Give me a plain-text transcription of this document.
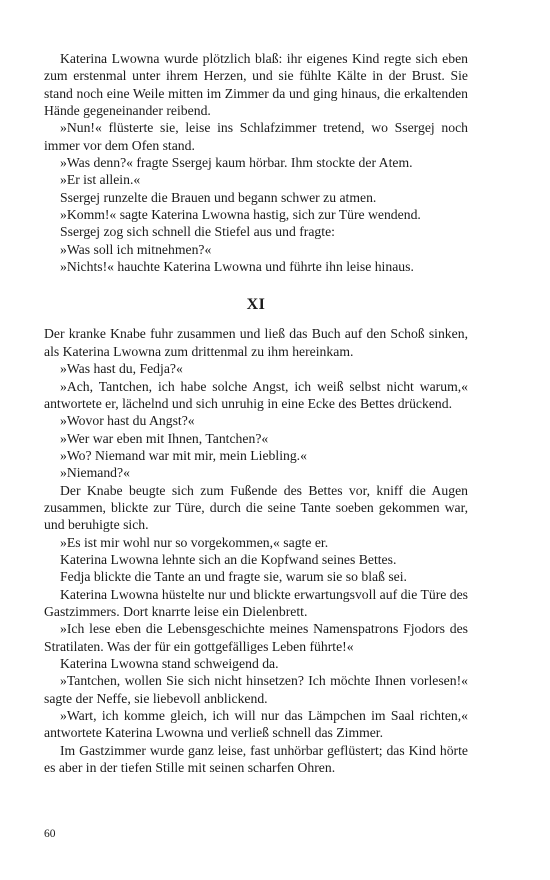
Katerina Lwowna wurde plötzlich blaß: ihr eigenes Kind regte sich eben zum erstenmal unter ihrem Herzen, und sie fühlte Kälte in der Brust. Sie stand noch eine Weile mitten im Zimmer da und ging hinaus, die erkaltenden Hände gegeneinander reibend.

»Nun!« flüsterte sie, leise ins Schlafzimmer tretend, wo Ssergej noch immer vor dem Ofen stand.

»Was denn?« fragte Ssergej kaum hörbar. Ihm stockte der Atem.

»Er ist allein.«

Ssergej runzelte die Brauen und begann schwer zu atmen.

»Komm!« sagte Katerina Lwowna hastig, sich zur Türe wendend.

Ssergej zog sich schnell die Stiefel aus und fragte:

»Was soll ich mitnehmen?«

»Nichts!« hauchte Katerina Lwowna und führte ihn leise hinaus.

XI

Der kranke Knabe fuhr zusammen und ließ das Buch auf den Schoß sinken, als Katerina Lwowna zum drittenmal zu ihm hereinkam.

»Was hast du, Fedja?«

»Ach, Tantchen, ich habe solche Angst, ich weiß selbst nicht warum,« antwortete er, lächelnd und sich unruhig in eine Ecke des Bettes drückend.

»Wovor hast du Angst?«

»Wer war eben mit Ihnen, Tantchen?«

»Wo? Niemand war mit mir, mein Liebling.«

»Niemand?«

Der Knabe beugte sich zum Fußende des Bettes vor, kniff die Augen zusammen, blickte zur Türe, durch die seine Tante soeben gekommen war, und beruhigte sich.

»Es ist mir wohl nur so vorgekommen,« sagte er.

Katerina Lwowna lehnte sich an die Kopfwand seines Bettes.

Fedja blickte die Tante an und fragte sie, warum sie so blaß sei.

Katerina Lwowna hüstelte nur und blickte erwartungsvoll auf die Türe des Gastzimmers. Dort knarrte leise ein Dielenbrett.

»Ich lese eben die Lebensgeschichte meines Namenspatrons Fjodors des Stratilaten. Was der für ein gottgefälliges Leben führte!«

Katerina Lwowna stand schweigend da.

»Tantchen, wollen Sie sich nicht hinsetzen? Ich möchte Ihnen vorlesen!« sagte der Neffe, sie liebevoll anblickend.

»Wart, ich komme gleich, ich will nur das Lämpchen im Saal richten,« antwortete Katerina Lwowna und verließ schnell das Zimmer.

Im Gastzimmer wurde ganz leise, fast unhörbar geflüstert; das Kind hörte es aber in der tiefen Stille mit seinen scharfen Ohren.

60
